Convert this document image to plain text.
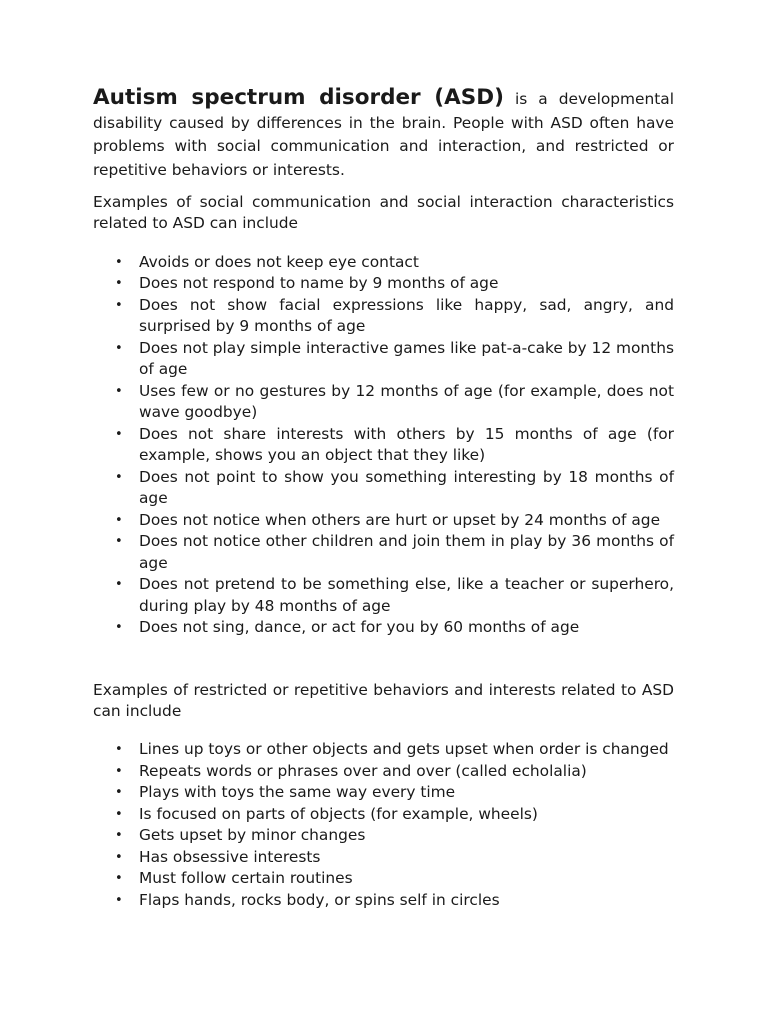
Autism spectrum disorder (ASD) is a developmental disability caused by differences in the brain. People with ASD often have problems with social communication and interaction, and restricted or repetitive behaviors or interests.

Examples of social communication and social interaction characteristics related to ASD can include

• Avoids or does not keep eye contact
• Does not respond to name by 9 months of age
• Does not show facial expressions like happy, sad, angry, and surprised by 9 months of age
• Does not play simple interactive games like pat-a-cake by 12 months of age
• Uses few or no gestures by 12 months of age (for example, does not wave goodbye)
• Does not share interests with others by 15 months of age (for example, shows you an object that they like)
• Does not point to show you something interesting by 18 months of age
• Does not notice when others are hurt or upset by 24 months of age
• Does not notice other children and join them in play by 36 months of age
• Does not pretend to be something else, like a teacher or superhero, during play by 48 months of age
• Does not sing, dance, or act for you by 60 months of age

Examples of restricted or repetitive behaviors and interests related to ASD can include

• Lines up toys or other objects and gets upset when order is changed
• Repeats words or phrases over and over (called echolalia)
• Plays with toys the same way every time
• Is focused on parts of objects (for example, wheels)
• Gets upset by minor changes
• Has obsessive interests
• Must follow certain routines
• Flaps hands, rocks body, or spins self in circles
